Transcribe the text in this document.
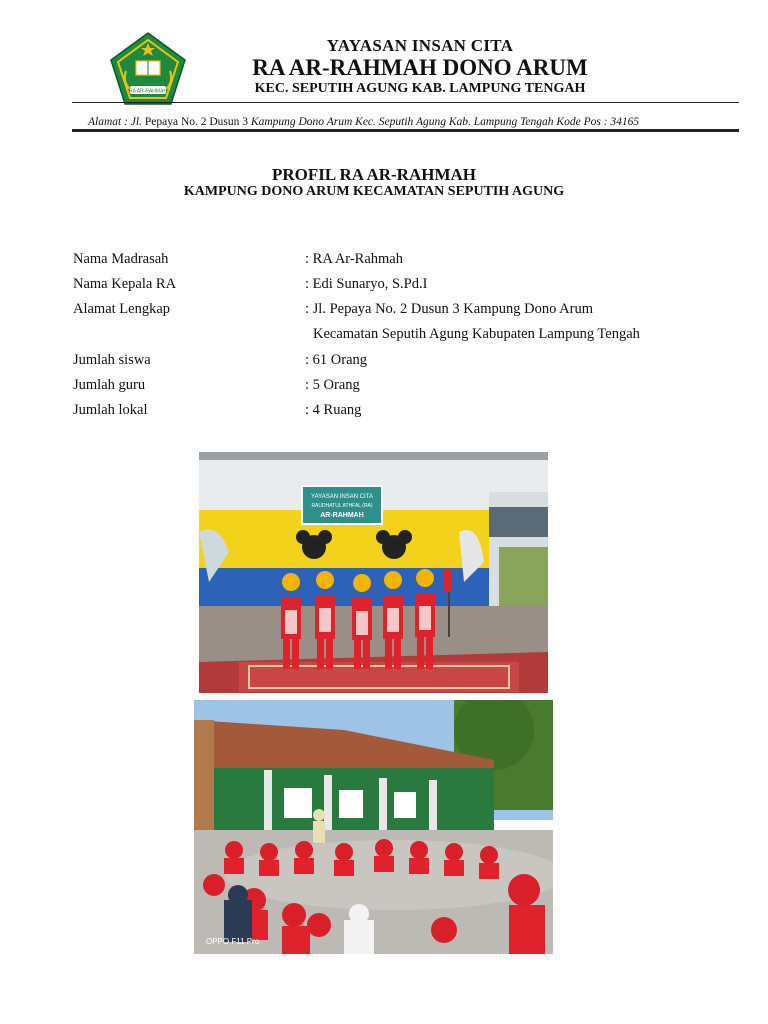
RA AR-RAHMAH
YAYASAN INSAN CITA
RA AR-RAHMAH DONO ARUM
KEC. SEPUTIH AGUNG KAB. LAMPUNG TENGAH
Alamat : Jl. Pepaya No. 2 Dusun 3 Kampung Dono Arum Kec. Seputih Agung Kab. Lampung Tengah Kode Pos : 34165
PROFIL RA AR-RAHMAH
KAMPUNG DONO ARUM KECAMATAN SEPUTIH AGUNG
Nama Madrasah	: RA Ar-Rahmah
Nama Kepala RA	: Edi Sunaryo, S.Pd.I
Alamat Lengkap	: Jl. Pepaya No. 2 Dusun 3 Kampung Dono Arum
Kecamatan Seputih Agung Kabupaten Lampung Tengah
Jumlah siswa	: 61 Orang
Jumlah guru	: 5 Orang
Jumlah lokal	: 4 Ruang
YAYASAN INSAN CITA
RAUDHATUL ATHFAL (RA)
AR-RAHMAH
OPPO F11 Pro
